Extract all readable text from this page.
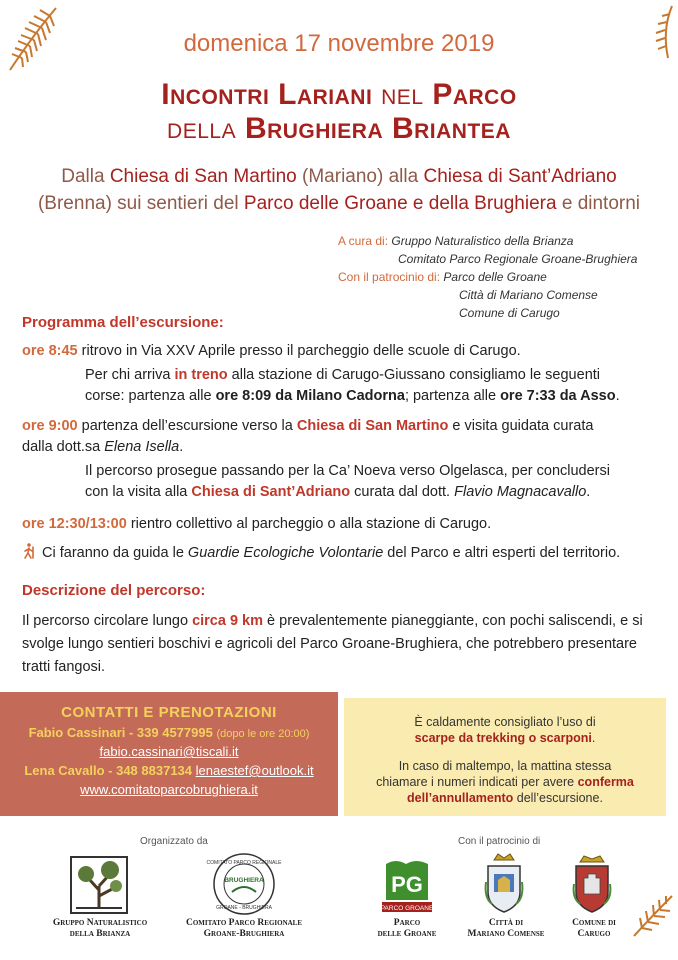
domenica 17 novembre 2019
Incontri Lariani nel Parco
della Brughiera Briantea
Dalla Chiesa di San Martino (Mariano) alla Chiesa di Sant’Adriano
(Brenna) sui sentieri del Parco delle Groane e della Brughiera e dintorni
A cura di: Gruppo Naturalistico della Brianza
Comitato Parco Regionale Groane-Brughiera
Con il patrocinio di: Parco delle Groane
Città di Mariano Comense
Comune di Carugo
Programma dell’escursione:
ore 8:45 ritrovo in Via XXV Aprile presso il parcheggio delle scuole di Carugo.
Per chi arriva in treno alla stazione di Carugo-Giussano consigliamo le seguenti
corse: partenza alle ore 8:09 da Milano Cadorna; partenza alle ore 7:33 da Asso.
ore 9:00 partenza dell’escursione verso la Chiesa di San Martino e visita guidata curata
dalla dott.sa Elena Isella.
Il percorso prosegue passando per la Ca’ Noeva verso Olgelasca, per concludersi
con la visita alla Chiesa di Sant’Adriano curata dal dott. Flavio Magnacavallo.
ore 12:30/13:00 rientro collettivo al parcheggio o alla stazione di Carugo.
Ci faranno da guida le Guardie Ecologiche Volontarie del Parco e altri esperti del territorio.
Descrizione del percorso:
Il percorso circolare lungo circa 9 km è prevalentemente pianeggiante, con pochi saliscendi, e si svolge lungo sentieri boschivi e agricoli del Parco Groane-Brughiera, che potrebbero presentare tratti fangosi.
CONTATTI E PRENOTAZIONI
Fabio Cassinari - 339 4577995 (dopo le ore 20:00)
fabio.cassinari@tiscali.it
Lena Cavallo - 348 8837134 lenaestef@outlook.it
www.comitatoparcobrughiera.it
È caldamente consigliato l’uso di
scarpe da trekking o scarponi.
In caso di maltempo, la mattina stessa
chiamare i numeri indicati per avere conferma
dell’annullamento dell’escursione.
Organizzato da	Con il patrocinio di
Gruppo Naturalistico
della Brianza
COMITATO PARCO REGIONALE
GROANE - BRUGHIERA
BRUGHIERA
Comitato Parco Regionale
Groane-Brughiera
PG
PARCO GROANE
Parco
delle Groane
Città di
Mariano Comense
Comune di
Carugo
